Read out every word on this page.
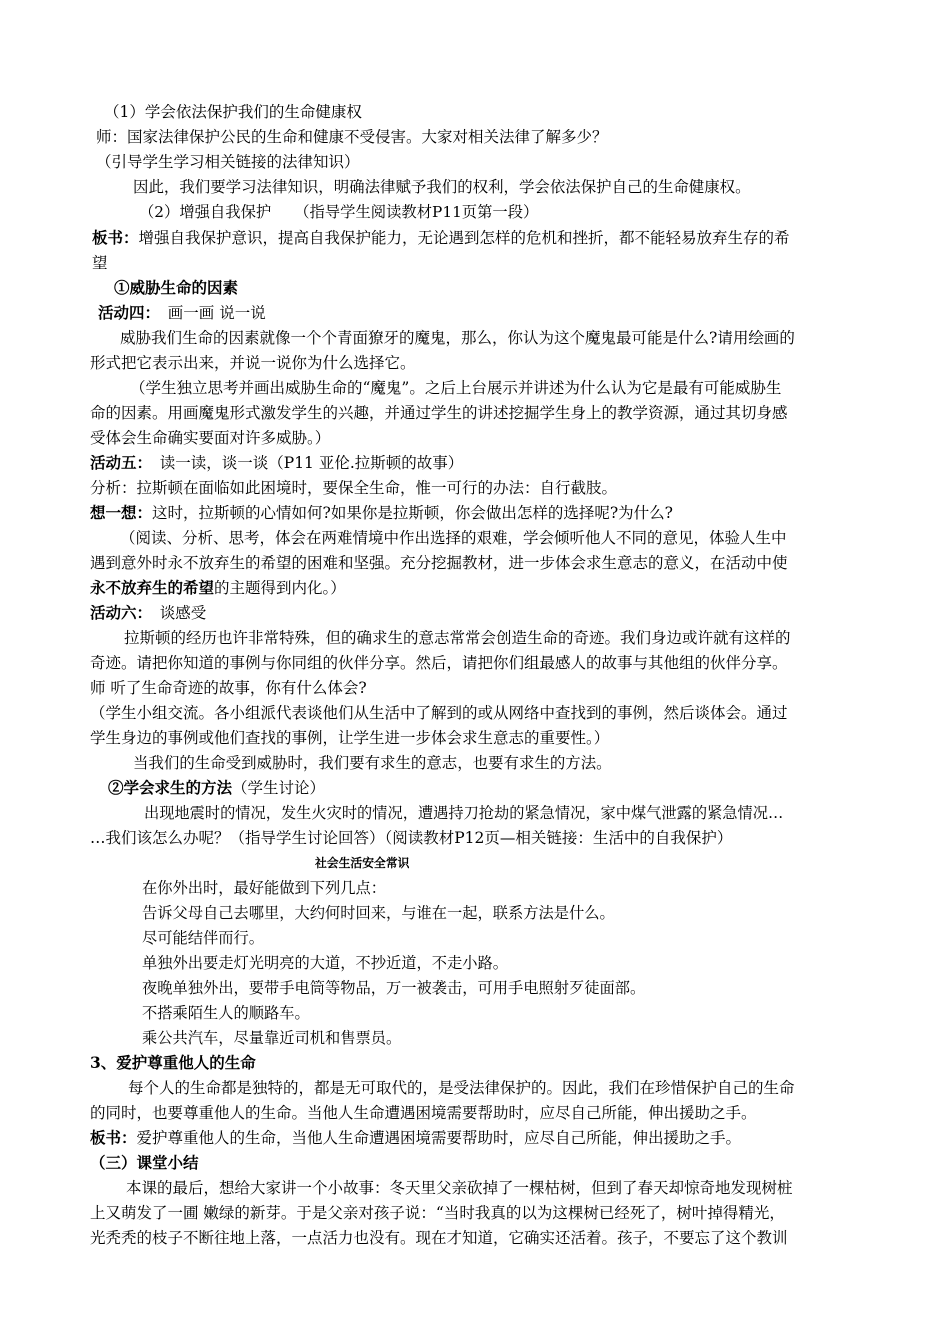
（1）学会依法保护我们的生命健康权
师：国家法律保护公民的生命和健康不受侵害。大家对相关法律了解多少？
（引导学生学习相关链接的法律知识）
因此，我们要学习法律知识，明确法律赋予我们的权利，学会依法保护自己的生命健康权。
（2）增强自我保护　　（指导学生阅读教材P11页第一段）
板书：增强自我保护意识，提高自我保护能力，无论遇到怎样的危机和挫折，都不能轻易放弃生存的希
望
①威胁生命的因素
活动四：　画一画 说一说
威胁我们生命的因素就像一个个青面獠牙的魔鬼，那么，你认为这个魔鬼最可能是什么?请用绘画的
形式把它表示出来，并说一说你为什么选择它。
（学生独立思考并画出威胁生命的“魔鬼”。之后上台展示并讲述为什么认为它是最有可能威胁生
命的因素。用画魔鬼形式激发学生的兴趣，并通过学生的讲述挖掘学生身上的教学资源，通过其切身感
受体会生命确实要面对许多威胁。）
活动五：　读一读，谈一谈（P11 亚伦.拉斯顿的故事）
分析：拉斯顿在面临如此困境时，要保全生命，惟一可行的办法：自行截肢。
想一想：这时，拉斯顿的心情如何?如果你是拉斯顿，你会做出怎样的选择呢?为什么?
（阅读、分析、思考，体会在两难情境中作出选择的艰难，学会倾听他人不同的意见，体验人生中
遇到意外时永不放弃生的希望的困难和坚强。充分挖掘教材，进一步体会求生意志的意义，在活动中使
永不放弃生的希望的主题得到内化。）
活动六：　谈感受
拉斯顿的经历也许非常特殊，但的确求生的意志常常会创造生命的奇迹。我们身边或许就有这样的
奇迹。请把你知道的事例与你同组的伙伴分享。然后，请把你们组最感人的故事与其他组的伙伴分享。
师 听了生命奇迹的故事，你有什么体会?
（学生小组交流。各小组派代表谈他们从生活中了解到的或从网络中查找到的事例，然后谈体会。通过
学生身边的事例或他们查找的事例，让学生进一步体会求生意志的重要性。）
当我们的生命受到威胁时，我们要有求生的意志，也要有求生的方法。
②学会求生的方法（学生讨论）
出现地震时的情况，发生火灾时的情况，遭遇持刀抢劫的紧急情况，家中煤气泄露的紧急情况…
…我们该怎么办呢？（指导学生讨论回答）（阅读教材P12页—相关链接：生活中的自我保护）
社会生活安全常识
在你外出时，最好能做到下列几点：
告诉父母自己去哪里，大约何时回来，与谁在一起，联系方法是什么。
尽可能结伴而行。
单独外出要走灯光明亮的大道，不抄近道，不走小路。
夜晚单独外出，要带手电筒等物品，万一被袭击，可用手电照射歹徒面部。
不搭乘陌生人的顺路车。
乘公共汽车，尽量靠近司机和售票员。
3、爱护尊重他人的生命
每个人的生命都是独特的，都是无可取代的，是受法律保护的。因此，我们在珍惜保护自己的生命
的同时，也要尊重他人的生命。当他人生命遭遇困境需要帮助时，应尽自己所能，伸出援助之手。
板书：爱护尊重他人的生命，当他人生命遭遇困境需要帮助时，应尽自己所能，伸出援助之手。
（三）课堂小结
本课的最后，想给大家讲一个小故事：冬天里父亲砍掉了一棵枯树，但到了春天却惊奇地发现树桩
上又萌发了一圃 嫩绿的新芽。于是父亲对孩子说：“当时我真的以为这棵树已经死了，树叶掉得精光，
光秃秃的枝子不断往地上落，一点活力也没有。现在才知道，它确实还活着。孩子，不要忘了这个教训
